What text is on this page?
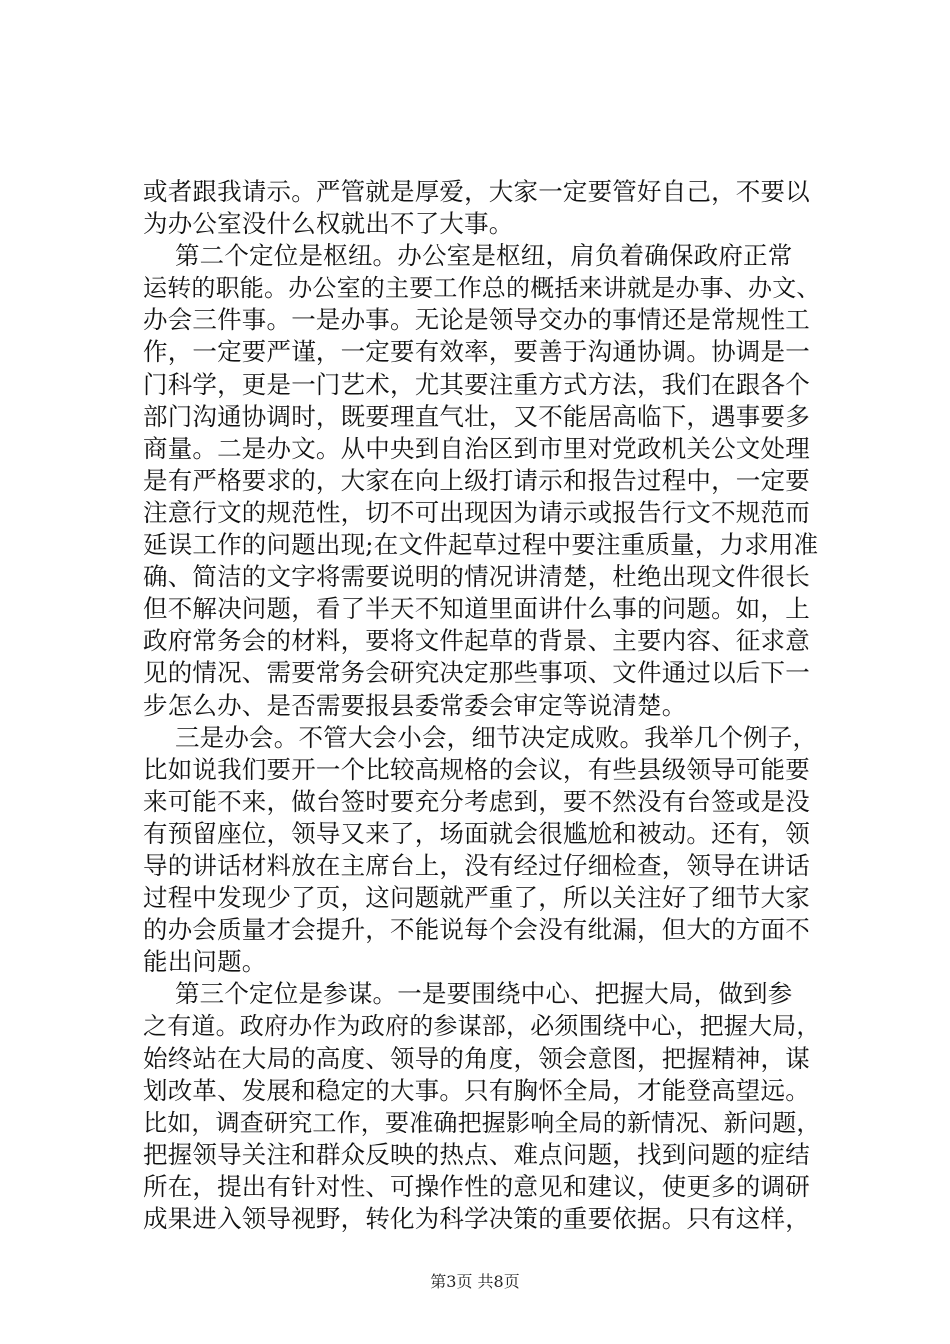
或者跟我请示。严管就是厚爱，大家一定要管好自己，不要以
为办公室没什么权就出不了大事。
第二个定位是枢纽。办公室是枢纽，肩负着确保政府正常
运转的职能。办公室的主要工作总的概括来讲就是办事、办文、
办会三件事。一是办事。无论是领导交办的事情还是常规性工
作，一定要严谨，一定要有效率，要善于沟通协调。协调是一
门科学，更是一门艺术，尤其要注重方式方法，我们在跟各个
部门沟通协调时，既要理直气壮，又不能居高临下，遇事要多
商量。二是办文。从中央到自治区到市里对党政机关公文处理
是有严格要求的，大家在向上级打请示和报告过程中，一定要
注意行文的规范性，切不可出现因为请示或报告行文不规范而
延误工作的问题出现;在文件起草过程中要注重质量，力求用准
确、简洁的文字将需要说明的情况讲清楚，杜绝出现文件很长
但不解决问题，看了半天不知道里面讲什么事的问题。如，上
政府常务会的材料，要将文件起草的背景、主要内容、征求意
见的情况、需要常务会研究决定那些事项、文件通过以后下一
步怎么办、是否需要报县委常委会审定等说清楚。
三是办会。不管大会小会，细节决定成败。我举几个例子，
比如说我们要开一个比较高规格的会议，有些县级领导可能要
来可能不来，做台签时要充分考虑到，要不然没有台签或是没
有预留座位，领导又来了，场面就会很尴尬和被动。还有，领
导的讲话材料放在主席台上，没有经过仔细检查，领导在讲话
过程中发现少了页，这问题就严重了，所以关注好了细节大家
的办会质量才会提升，不能说每个会没有纰漏，但大的方面不
能出问题。
第三个定位是参谋。一是要围绕中心、把握大局，做到参
之有道。政府办作为政府的参谋部，必须围绕中心，把握大局，
始终站在大局的高度、领导的角度，领会意图，把握精神，谋
划改革、发展和稳定的大事。只有胸怀全局，才能登高望远。
比如，调查研究工作，要准确把握影响全局的新情况、新问题，
把握领导关注和群众反映的热点、难点问题，找到问题的症结
所在，提出有针对性、可操作性的意见和建议，使更多的调研
成果进入领导视野，转化为科学决策的重要依据。只有这样，
第3页 共8页
